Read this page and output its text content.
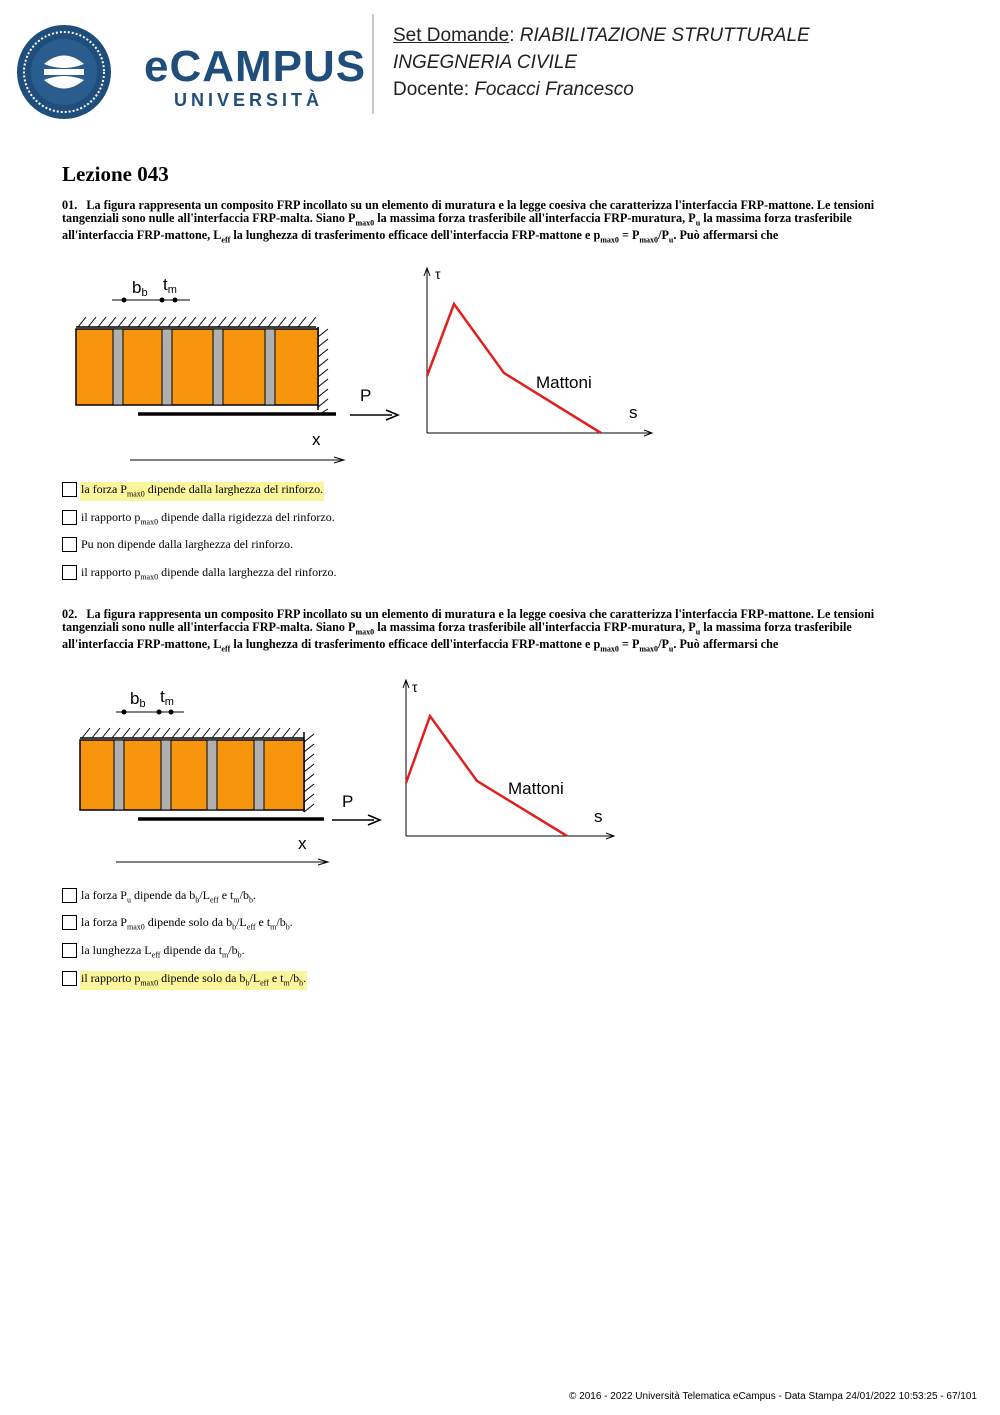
eCAMPUS
UNIVERSITÀ
Set Domande: RIABILITAZIONE STRUTTURALE
INGEGNERIA CIVILE
Docente: Focacci Francesco
Lezione 043
01. La figura rappresenta un composito FRP incollato su un elemento di muratura e la legge coesiva che caratterizza l'interfaccia FRP-mattone. Le tensioni tangenziali sono nulle all'interfaccia FRP-malta. Siano $P_{max0}$ la massima forza trasferibile all'interfaccia FRP-muratura, $P_u$ la massima forza trasferibile all'interfaccia FRP-mattone, $L_{eff}$ la lunghezza di trasferimento efficace dell'interfaccia FRP-mattone e $p_{max0} = P_{max0}/P_u$. Può affermarsi che
bb tm
P
x
τ
s
Mattoni
la forza $P_{max0}$ dipende dalla larghezza del rinforzo.
il rapporto $p_{max0}$ dipende dalla rigidezza del rinforzo.
Pu non dipende dalla larghezza del rinforzo.
il rapporto $p_{max0}$ dipende dalla larghezza del rinforzo.
02. La figura rappresenta un composito FRP incollato su un elemento di muratura e la legge coesiva che caratterizza l'interfaccia FRP-mattone. Le tensioni tangenziali sono nulle all'interfaccia FRP-malta. Siano $P_{max0}$ la massima forza trasferibile all'interfaccia FRP-muratura, $P_u$ la massima forza trasferibile all'interfaccia FRP-mattone, $L_{eff}$ la lunghezza di trasferimento efficace dell'interfaccia FRP-mattone e $p_{max0} = P_{max0}/P_u$. Può affermarsi che
bb tm
P
x
τ
s
Mattoni
la forza $P_u$ dipende da $b_b/L_{eff}$ e $t_m/b_b$.
la forza $P_{max0}$ dipende solo da $b_b/L_{eff}$ e $t_m/b_b$.
la lunghezza $L_{eff}$ dipende da $t_m/b_b$.
il rapporto $p_{max0}$ dipende solo da $b_b/L_{eff}$ e $t_m/b_b$.
© 2016 - 2022 Università Telematica eCampus - Data Stampa 24/01/2022 10:53:25 - 67/101
